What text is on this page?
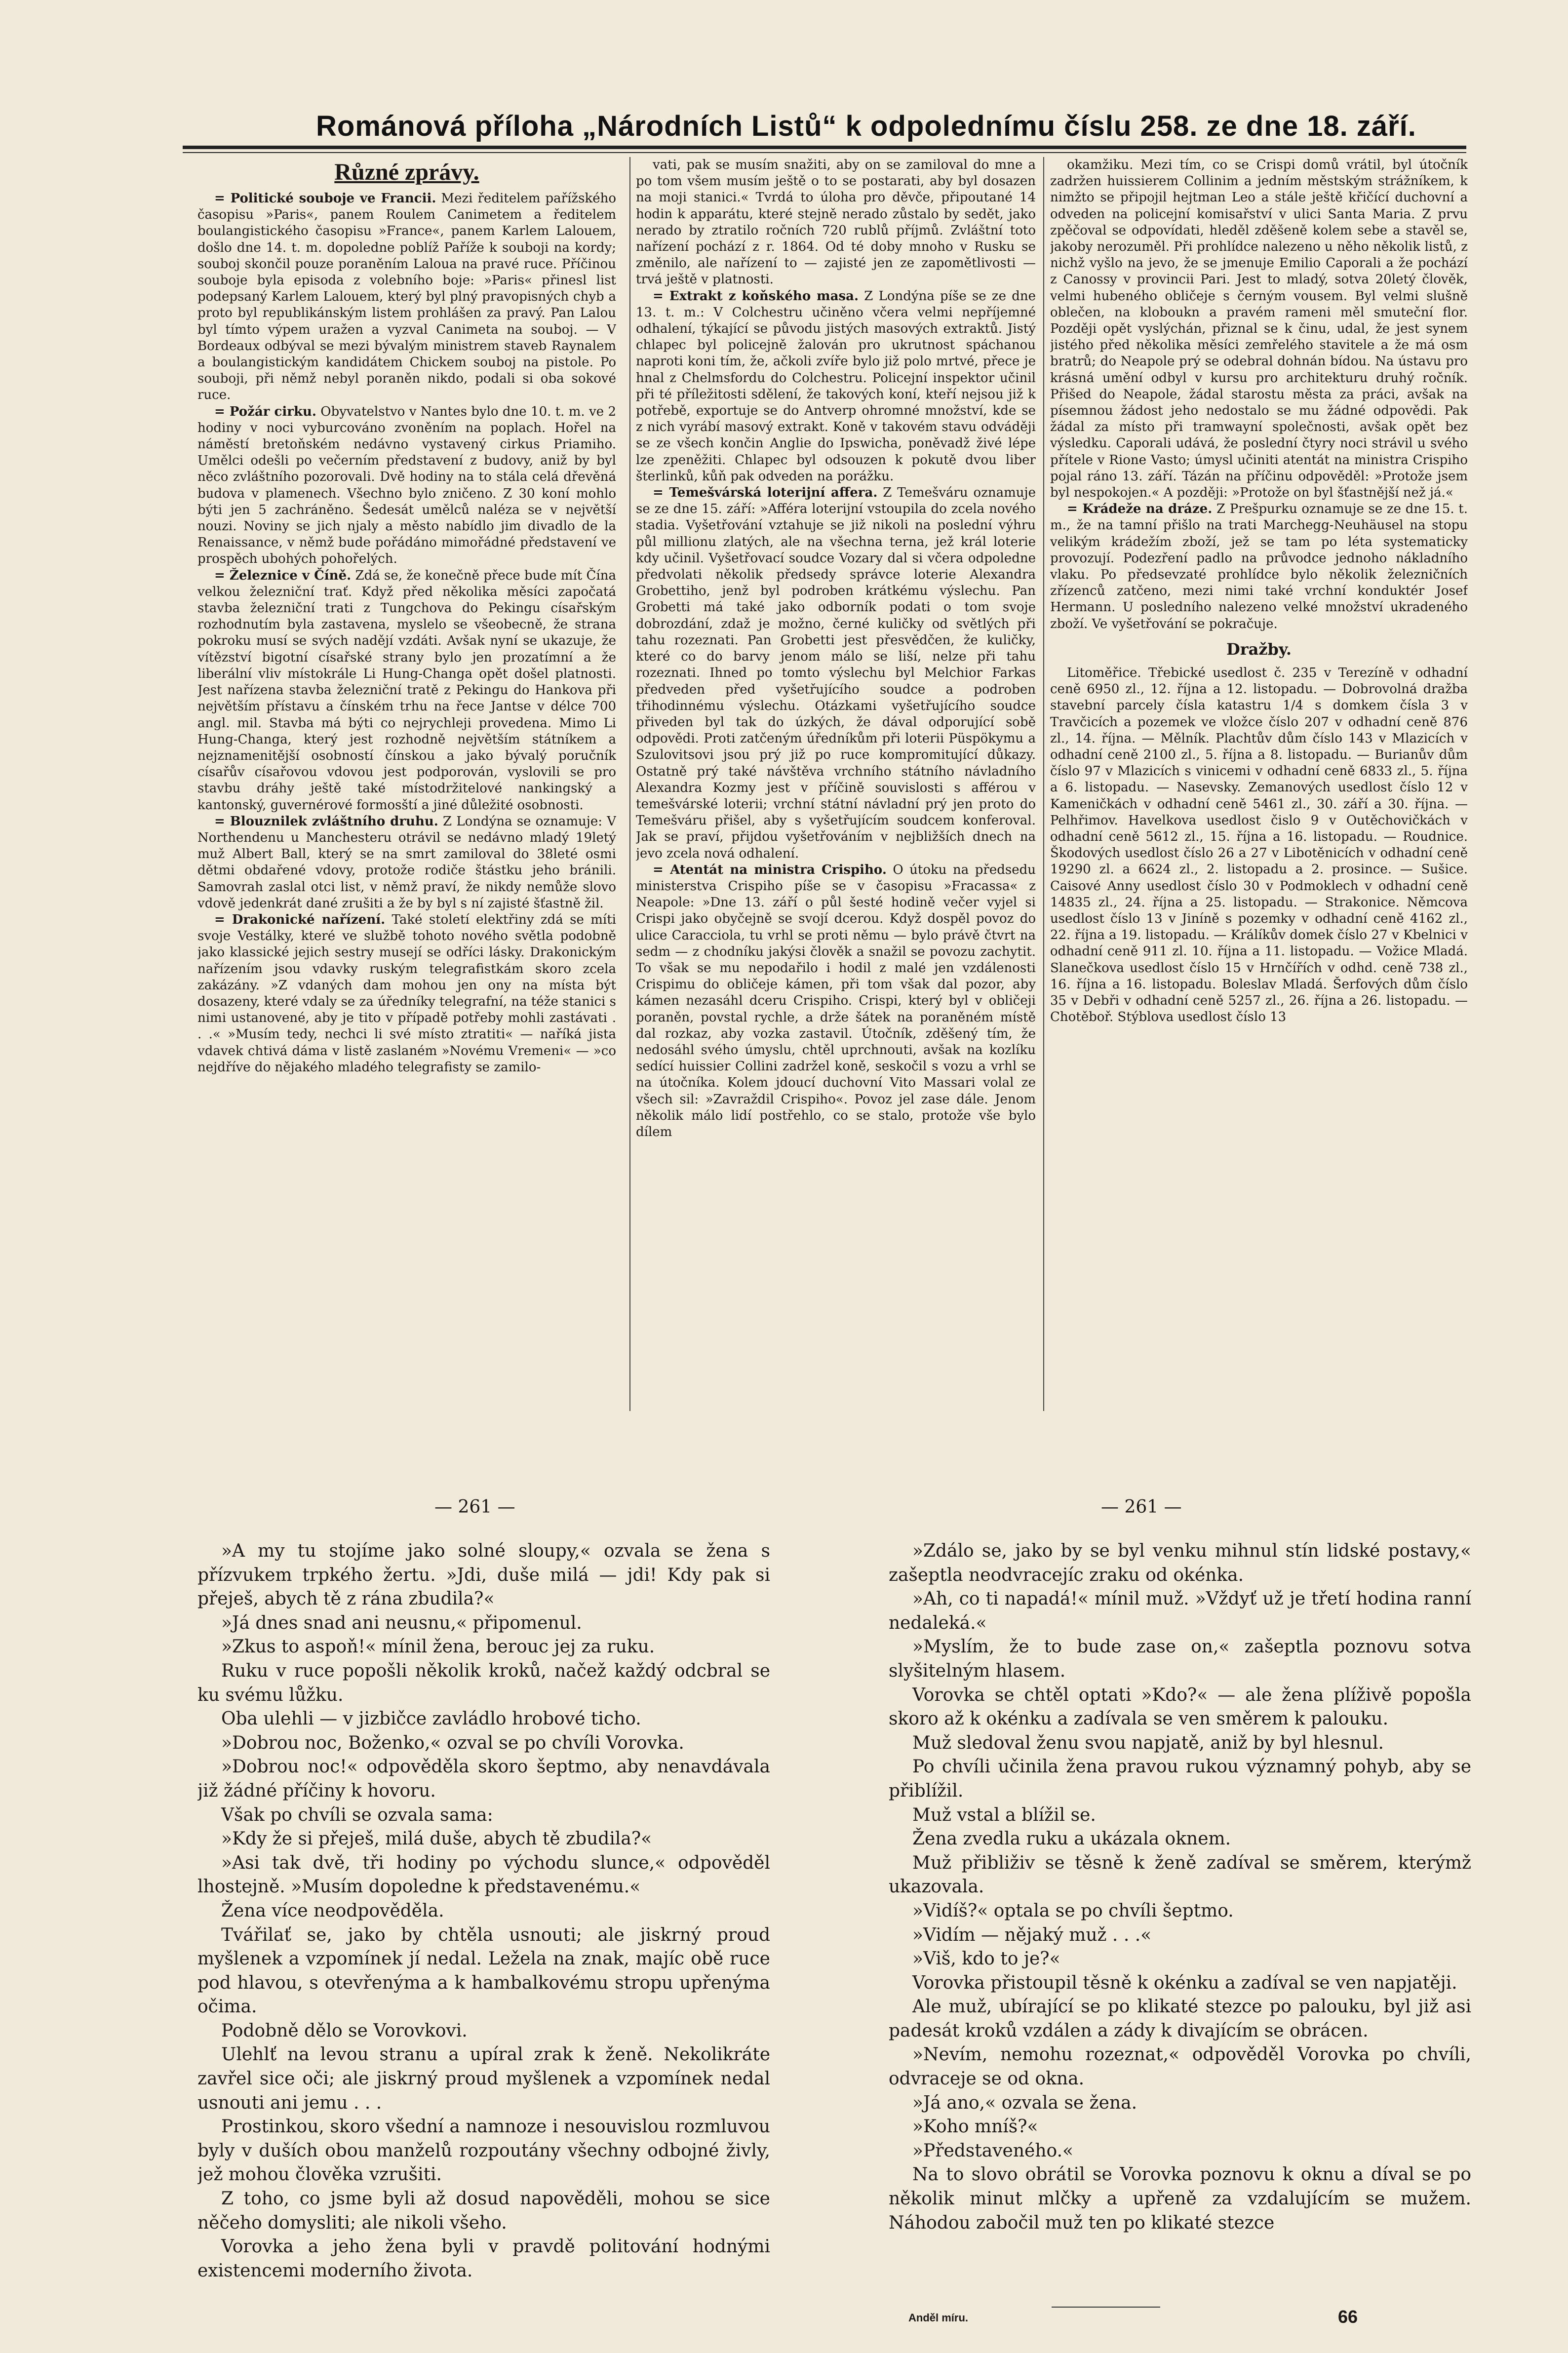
Románová příloha „Národních Listů“ k odpolednímu číslu 258. ze dne 18. září.
Různé zprávy.

= Politické souboje ve Francii. Mezi ředitelem pařížského časopisu »Paris«, panem Roulem Canimetem a ředitelem boulangistického časopisu »France«, panem Karlem Lalouem, došlo dne 14. t. m. dopoledne poblíž Paříže k souboji na kordy; souboj skončil pouze poraněním Laloua na pravé ruce. Příčinou souboje byla episoda z volebního boje: »Paris« přinesl list podepsaný Karlem Lalouem, který byl plný pravopisných chyb a proto byl republikánským listem prohlášen za pravý. Pan Lalou byl tímto výpem uražen a vyzval Canimeta na souboj. — V Bordeaux odbýval se mezi bývalým ministrem staveb Raynalem a boulangistickým kandidátem Chickem souboj na pistole. Po souboji, při němž nebyl poraněn nikdo, podali si oba sokové ruce.

= Požár cirku. Obyvatelstvo v Nantes bylo dne 10. t. m. ve 2 hodiny v noci vyburcováno zvoněním na poplach. Hořel na náměstí bretoňském nedávno vystavený cirkus Priamiho. Umělci odešli po večerním představení z budovy, aniž by byl něco zvláštního pozorovali. Dvě hodiny na to stála celá dřevěná budova v plamenech. Všechno bylo zničeno. Z 30 koní mohlo býti jen 5 zachráněno. Šedesát umělců naléza se v největší nouzi. Noviny se jich njaly a město nabídlo jim divadlo de la Renaissance, v němž bude pořádáno mimořádné představení ve prospěch ubohých pohořelých.

= Železnice v Číně. Zdá se, že konečně přece bude mít Čína velkou železniční trať. Když před několika měsíci započatá stavba železniční trati z Tungchova do Pekingu císařským rozhodnutím byla zastavena, myslelo se všeobecně, že strana pokroku musí se svých nadějí vzdáti. Avšak nyní se ukazuje, že vítězství bigotní císařské strany bylo jen prozatímní a že liberální vliv místokrále Li Hung-Changa opět došel platnosti. Jest nařízena stavba železniční tratě z Pekingu do Hankova při největším přístavu a čínském trhu na řece Jantse v délce 700 angl. mil. Stavba má býti co nejrychleji provedena. Mimo Li Hung-Changa, který jest rozhodně největším státníkem a nejznamenitější osobností čínskou a jako bývalý poručník císařův císařovou vdovou jest podporován, vyslovili se pro stavbu dráhy ještě také místodržitelové nankingský a kantonský, guvernérové formosští a jiné důležité osobnosti.

= Blouznilek zvláštního druhu. Z Londýna se oznamuje: V Northendenu u Manchesteru otrávil se nedávno mladý 19letý muž Albert Ball, který se na smrt zamiloval do 38leté osmi dětmi obdařené vdovy, protože rodiče štástku jeho bránili. Samovrah zaslal otci list, v němž praví, že nikdy nemůže slovo vdově jedenkrát dané zrušiti a že by byl s ní zajisté šťastně žil.

= Drakonické nařízení. Také století elektřiny zdá se míti svoje Vestálky, které ve službě tohoto nového světla podobně jako klassické jejich sestry musejí se odříci lásky. Drakonickým nařízením jsou vdavky ruským telegrafistkám skoro zcela zakázány. »Z vdaných dam mohou jen ony na místa být dosazeny, které vdaly se za úředníky telegrafní, na téže stanici s nimi ustanovené, aby je tito v případě potřeby mohli zastávati . . .« »Musím tedy, nechci li své místo ztratiti« — naříká jista vdavek chtivá dáma v listě zaslaném »Novému Vremeni« — »co nejdříve do nějakého mladého telegrafisty se zamilo-

vati, pak se musím snažiti, aby on se zamiloval do mne a po tom všem musím ještě o to se postarati, aby byl dosazen na moji stanici.« Tvrdá to úloha pro děvče, připoutané 14 hodin k apparátu, které stejně nerado zůstalo by sedět, jako nerado by ztratilo ročních 720 rublů příjmů. Zvláštní toto nařízení pochází z r. 1864. Od té doby mnoho v Rusku se změnilo, ale nařízení to — zajisté jen ze zapomětlivosti — trvá ještě v platnosti.

= Extrakt z koňského masa. Z Londýna píše se ze dne 13. t. m.: V Colchestru učiněno včera velmi nepříjemné odhalení, týkající se původu jistých masových extraktů. Jistý chlapec byl policejně žalován pro ukrutnost spáchanou naproti koni tím, že, ačkoli zvíře bylo již polo mrtvé, přece je hnal z Chelmsfordu do Colchestru. Policejní inspektor učinil při té příležitosti sdělení, že takových koní, kteří nejsou již k potřebě, exportuje se do Antverp ohromné množství, kde se z nich vyrábí masový extrakt. Koně v takovém stavu odváději se ze všech končin Anglie do Ipswicha, poněvadž živé lépe lze zpeněžiti. Chlapec byl odsouzen k pokutě dvou liber šterlinků, kůň pak odveden na porážku.

= Temešvárská loterijní affera. Z Temešváru oznamuje se ze dne 15. září: »Afféra loterijní vstoupila do zcela nového stadia. Vyšetřování vztahuje se již nikoli na poslední výhru půl millionu zlatých, ale na všechna terna, jež král loterie kdy učinil. Vyšetřovací soudce Vozary dal si včera odpoledne předvolati několik předsedy správce loterie Alexandra Grobettiho, jenž byl podroben krátkému výslechu. Pan Grobetti má také jako odborník podati o tom svoje dobrozdání, zdaž je možno, černé kuličky od světlých při tahu rozeznati. Pan Grobetti jest přesvědčen, že kuličky, které co do barvy jenom málo se liší, nelze při tahu rozeznati. Ihned po tomto výslechu byl Melchior Farkas předveden před vyšetřujícího soudce a podroben třihodinnému výslechu. Otázkami vyšetřujícího soudce přiveden byl tak do úzkých, že dával odporující sobě odpovědi. Proti zatčeným úředníkům při loterii Püspökymu a Szulovitsovi jsou prý již po ruce kompromitující důkazy. Ostatně prý také návštěva vrchního státního návladního Alexandra Kozmy jest v příčině souvislosti s afférou v temešvárské loterii; vrchní státní návladní prý jen proto do Temešváru přišel, aby s vyšetřujícím soudcem konferoval. Jak se praví, přijdou vyšetřováním v nejbližších dnech na jevo zcela nová odhalení.

= Atentát na ministra Crispiho. O útoku na předsedu ministerstva Crispiho píše se v časopisu »Fracassa« z Neapole: »Dne 13. září o půl šesté hodině večer vyjel si Crispi jako obyčejně se svojí dcerou. Když dospěl povoz do ulice Caracciola, tu vrhl se proti němu — bylo právě čtvrt na sedm — z chodníku jakýsi člověk a snažil se povozu zachytit. To však se mu nepodařilo i hodil z malé jen vzdálenosti Crispimu do obličeje kámen, při tom však dal pozor, aby kámen nezasáhl dceru Crispiho. Crispi, který byl v obličeji poraněn, povstal rychle, a drže šátek na poraněném místě dal rozkaz, aby vozka zastavil. Útočník, zděšený tím, že nedosáhl svého úmyslu, chtěl uprchnouti, avšak na kozlíku sedící huissier Collini zadržel koně, seskočil s vozu a vrhl se na útočníka. Kolem jdoucí duchovní Vito Massari volal ze všech sil: »Zavraždil Crispiho«. Povoz jel zase dále. Jenom několik málo lidí postřehlo, co se stalo, protože vše bylo dílem

okamžiku. Mezi tím, co se Crispi domů vrátil, byl útočník zadržen huissierem Collinim a jedním městským strážníkem, k nimžto se připojil hejtman Leo a stále ještě křičící duchovní a odveden na policejní komisařství v ulici Santa Maria. Z prvu zpěčoval se odpovídati, hleděl zděšeně kolem sebe a stavěl se, jakoby nerozuměl. Při prohlídce nalezeno u něho několik listů, z nichž vyšlo na jevo, že se jmenuje Emilio Caporali a že pochází z Canossy v provincii Pari. Jest to mladý, sotva 20letý člověk, velmi hubeného obličeje s černým vousem. Byl velmi slušně oblečen, na kloboukn a pravém rameni měl smuteční flor. Později opět vyslýchán, přiznal se k činu, udal, že jest synem jistého před několika měsíci zemřelého stavitele a že má osm bratrů; do Neapole prý se odebral dohnán bídou. Na ústavu pro krásná umění odbyl v kursu pro architekturu druhý ročník. Přišed do Neapole, žádal starostu města za práci, avšak na písemnou žádost jeho nedostalo se mu žádné odpovědi. Pak žádal za místo při tramwayní společnosti, avšak opět bez výsledku. Caporali udává, že poslední čtyry noci strávil u svého přítele v Rione Vasto; úmysl učiniti atentát na ministra Crispiho pojal ráno 13. září. Tázán na příčinu odpověděl: »Protože jsem byl nespokojen.« A později: »Protože on byl šťastnější než já.«

= Krádeže na dráze. Z Prešpurku oznamuje se ze dne 15. t. m., že na tamní přišlo na trati Marchegg-Neuhäusel na stopu velikým krádežím zboží, jež se tam po léta systematicky provozují. Podezření padlo na průvodce jednoho nákladního vlaku. Po předsevzaté prohlídce bylo několik železničních zřízenců zatčeno, mezi nimi také vrchní konduktér Josef Hermann. U posledního nalezeno velké množství ukradeného zboží. Ve vyšetřování se pokračuje.

Dražby.

Litoměřice. Třebické usedlost č. 235 v Terezíně v odhadní ceně 6950 zl., 12. října a 12. listopadu. — Dobrovolná dražba stavební parcely čísla katastru 1/4 s domkem čísla 3 v Travčicích a pozemek ve vložce číslo 207 v odhadní ceně 876 zl., 14. října. — Mělník. Plachtův dům číslo 143 v Mlazicích v odhadní ceně 2100 zl., 5. října a 8. listopadu. — Burianův dům číslo 97 v Mlazicích s vinicemi v odhadní ceně 6833 zl., 5. října a 6. listopadu. — Nasevsky. Zemanových usedlost číslo 12 v Kameničkách v odhadní ceně 5461 zl., 30. září a 30. října. — Pelhřimov. Havelkova usedlost čislo 9 v Outěchovičkách v odhadní ceně 5612 zl., 15. října a 16. listopadu. — Roudnice. Škodových usedlost číslo 26 a 27 v Libotěnicích v odhadní ceně 19290 zl. a 6624 zl., 2. listopadu a 2. prosince. — Sušice. Caisové Anny usedlost číslo 30 v Podmoklech v odhadní ceně 14835 zl., 24. října a 25. listopadu. — Strakonice. Němcova usedlost číslo 13 v Jiníně s pozemky v odhadní ceně 4162 zl., 22. října a 19. listopadu. — Králíkův domek číslo 27 v Kbelnici v odhadní ceně 911 zl. 10. října a 11. listopadu. — Vožice Mladá. Slanečkova usedlost číslo 15 v Hrnčířích v odhd. ceně 738 zl., 16. října a 16. listopadu. Boleslav Mladá. Šerfových dům číslo 35 v Debři v odhadní ceně 5257 zl., 26. října a 26. listopadu. — Chotěboř. Stýblova usedlost číslo 13

— 261 —	— 261 —

»A my tu stojíme jako solné sloupy,« ozvala se žena s přízvukem trpkého žertu. »Jdi, duše milá — jdi! Kdy pak si přeješ, abych tě z rána zbudila?«

»Já dnes snad ani neusnu,« připomenul.

»Zkus to aspoň!« mínil žena, berouc jej za ruku.

Ruku v ruce popošli několik kroků, načež každý odcbral se ku svému lůžku.

Oba ulehli — v jizbičce zavládlo hrobové ticho.

»Dobrou noc, Boženko,« ozval se po chvíli Vorovka.

»Dobrou noc!« odpověděla skoro šeptmo, aby nenavdávala již žádné příčiny k hovoru.

Však po chvíli se ozvala sama:

»Kdy že si přeješ, milá duše, abych tě zbudila?«

»Asi tak dvě, tři hodiny po východu slunce,« odpověděl lhostejně. »Musím dopoledne k představenému.«

Žena více neodpověděla.

Tvářilať se, jako by chtěla usnouti; ale jiskrný proud myšlenek a vzpomínek jí nedal. Ležela na znak, majíc obě ruce pod hlavou, s otevřenýma a k hambalkovému stropu upřenýma očima.

Podobně dělo se Vorovkovi.

Ulehlť na levou stranu a upíral zrak k ženě. Nekolikráte zavřel sice oči; ale jiskrný proud myšlenek a vzpomínek nedal usnouti ani jemu . . .

Prostinkou, skoro všední a namnoze i nesouvislou rozmluvou byly v duších obou manželů rozpoutány všechny odbojné živly, jež mohou člověka vzrušiti.

Z toho, co jsme byli až dosud napověděli, mohou se sice něčeho domysliti; ale nikoli všeho.

Vorovka a jeho žena byli v pravdě politování hodnými existencemi moderního života.

»Zdálo se, jako by se byl venku mihnul stín lidské postavy,« zašeptla neodvracejíc zraku od okénka.

»Ah, co ti napadá!« mínil muž. »Vždyť už je třetí hodina ranní nedaleká.«

»Myslím, že to bude zase on,« zašeptla poznovu sotva slyšitelným hlasem.

Vorovka se chtěl optati »Kdo?« — ale žena plíživě popošla skoro až k okénku a zadívala se ven směrem k palouku.

Muž sledoval ženu svou napjatě, aniž by byl hlesnul.

Po chvíli učinila žena pravou rukou významný pohyb, aby se přiblížil.

Muž vstal a blížil se.

Žena zvedla ruku a ukázala oknem.

Muž přibliživ se těsně k ženě zadíval se směrem, kterýmž ukazovala.

»Vidíš?« optala se po chvíli šeptmo.

»Vidím — nějaký muž . . .«

»Viš, kdo to je?«

Vorovka přistoupil těsně k okénku a zadíval se ven napjatěji.

Ale muž, ubírající se po klikaté stezce po palouku, byl již asi padesát kroků vzdálen a zády k divajícím se obrácen.

»Nevím, nemohu rozeznat,« odpověděl Vorovka po chvíli, odvraceje se od okna.

»Já ano,« ozvala se žena.

»Koho mníš?«

»Představeného.«

Na to slovo obrátil se Vorovka poznovu k oknu a díval se po několik minut mlčky a upřeně za vzdalujícím se mužem. Náhodou zabočil muž ten po klikaté stezce

Anděl míru.	66
